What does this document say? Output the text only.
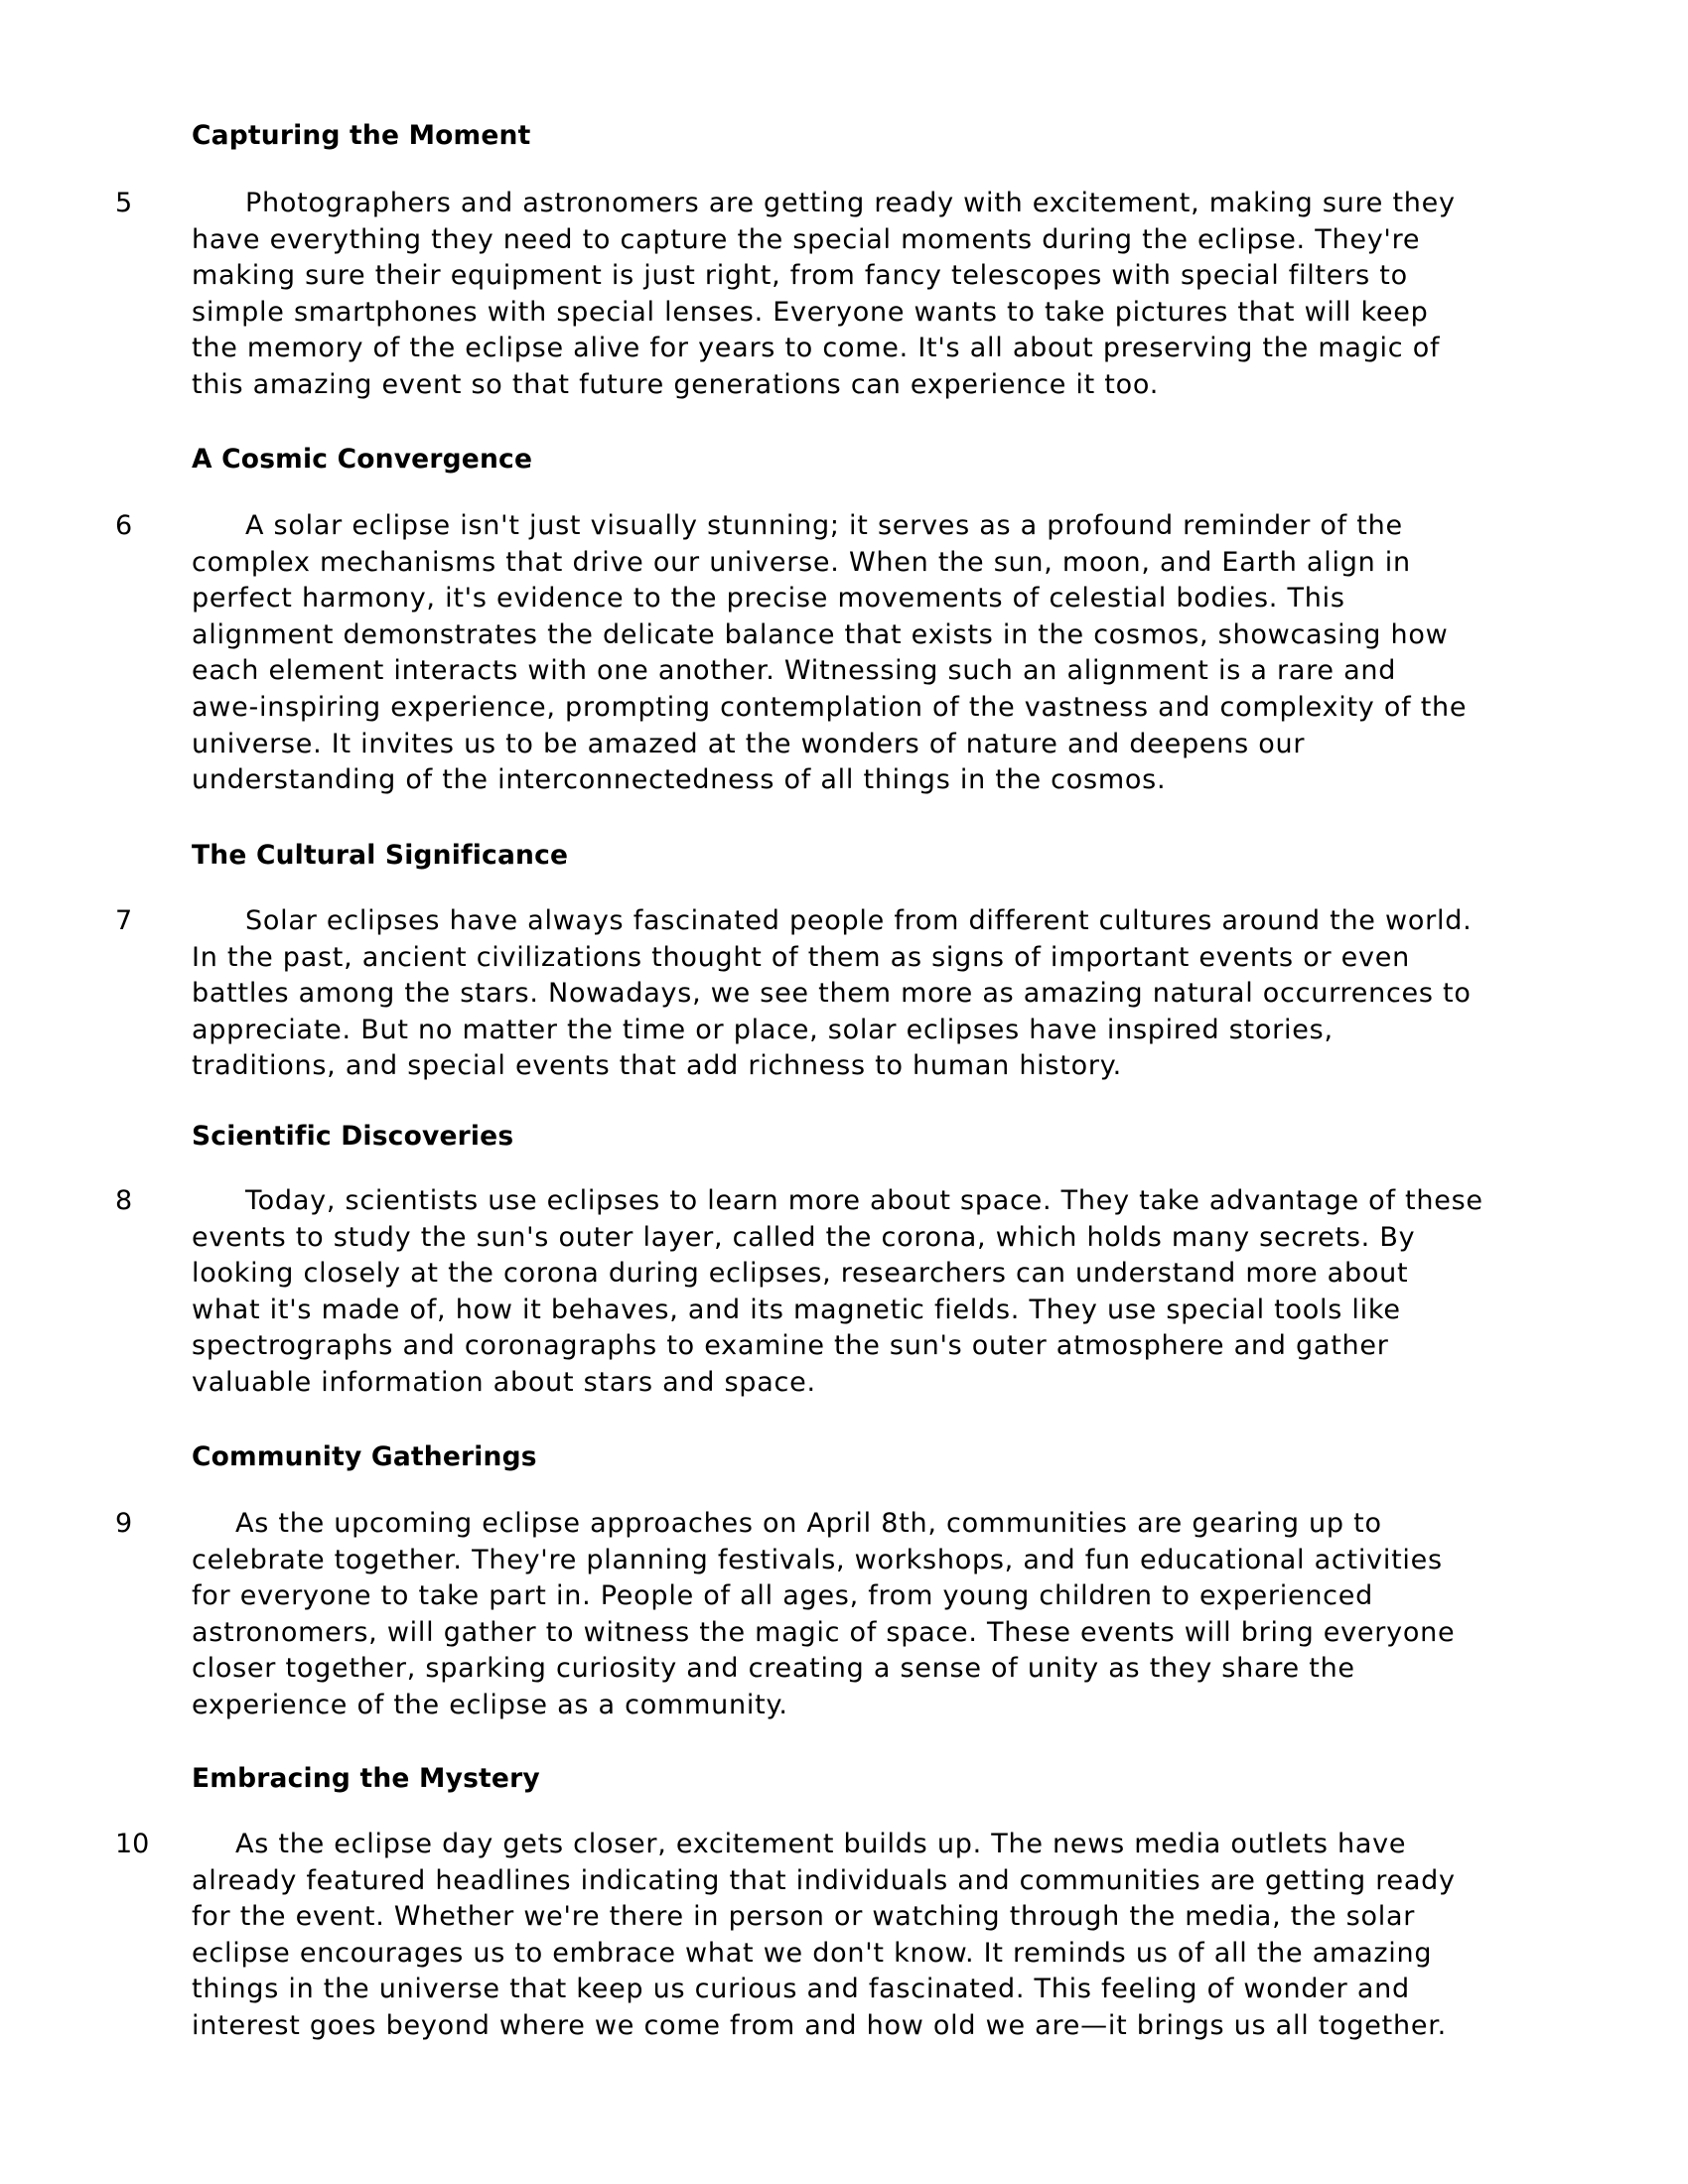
Capturing the Moment
5	Photographers and astronomers are getting ready with excitement, making sure they
have everything they need to capture the special moments during the eclipse. They're
making sure their equipment is just right, from fancy telescopes with special filters to
simple smartphones with special lenses. Everyone wants to take pictures that will keep
the memory of the eclipse alive for years to come. It's all about preserving the magic of
this amazing event so that future generations can experience it too.

A Cosmic Convergence
6	A solar eclipse isn't just visually stunning; it serves as a profound reminder of the
complex mechanisms that drive our universe. When the sun, moon, and Earth align in
perfect harmony, it's evidence to the precise movements of celestial bodies. This
alignment demonstrates the delicate balance that exists in the cosmos, showcasing how
each element interacts with one another. Witnessing such an alignment is a rare and
awe-inspiring experience, prompting contemplation of the vastness and complexity of the
universe. It invites us to be amazed at the wonders of nature and deepens our
understanding of the interconnectedness of all things in the cosmos.

The Cultural Significance
7	Solar eclipses have always fascinated people from different cultures around the world.
In the past, ancient civilizations thought of them as signs of important events or even
battles among the stars. Nowadays, we see them more as amazing natural occurrences to
appreciate. But no matter the time or place, solar eclipses have inspired stories,
traditions, and special events that add richness to human history.

Scientific Discoveries
8	Today, scientists use eclipses to learn more about space. They take advantage of these
events to study the sun's outer layer, called the corona, which holds many secrets. By
looking closely at the corona during eclipses, researchers can understand more about
what it's made of, how it behaves, and its magnetic fields. They use special tools like
spectrographs and coronagraphs to examine the sun's outer atmosphere and gather
valuable information about stars and space.

Community Gatherings
9	As the upcoming eclipse approaches on April 8th, communities are gearing up to
celebrate together. They're planning festivals, workshops, and fun educational activities
for everyone to take part in. People of all ages, from young children to experienced
astronomers, will gather to witness the magic of space. These events will bring everyone
closer together, sparking curiosity and creating a sense of unity as they share the
experience of the eclipse as a community.

Embracing the Mystery
10	As the eclipse day gets closer, excitement builds up. The news media outlets have
already featured headlines indicating that individuals and communities are getting ready
for the event. Whether we're there in person or watching through the media, the solar
eclipse encourages us to embrace what we don't know. It reminds us of all the amazing
things in the universe that keep us curious and fascinated. This feeling of wonder and
interest goes beyond where we come from and how old we are—it brings us all together.
